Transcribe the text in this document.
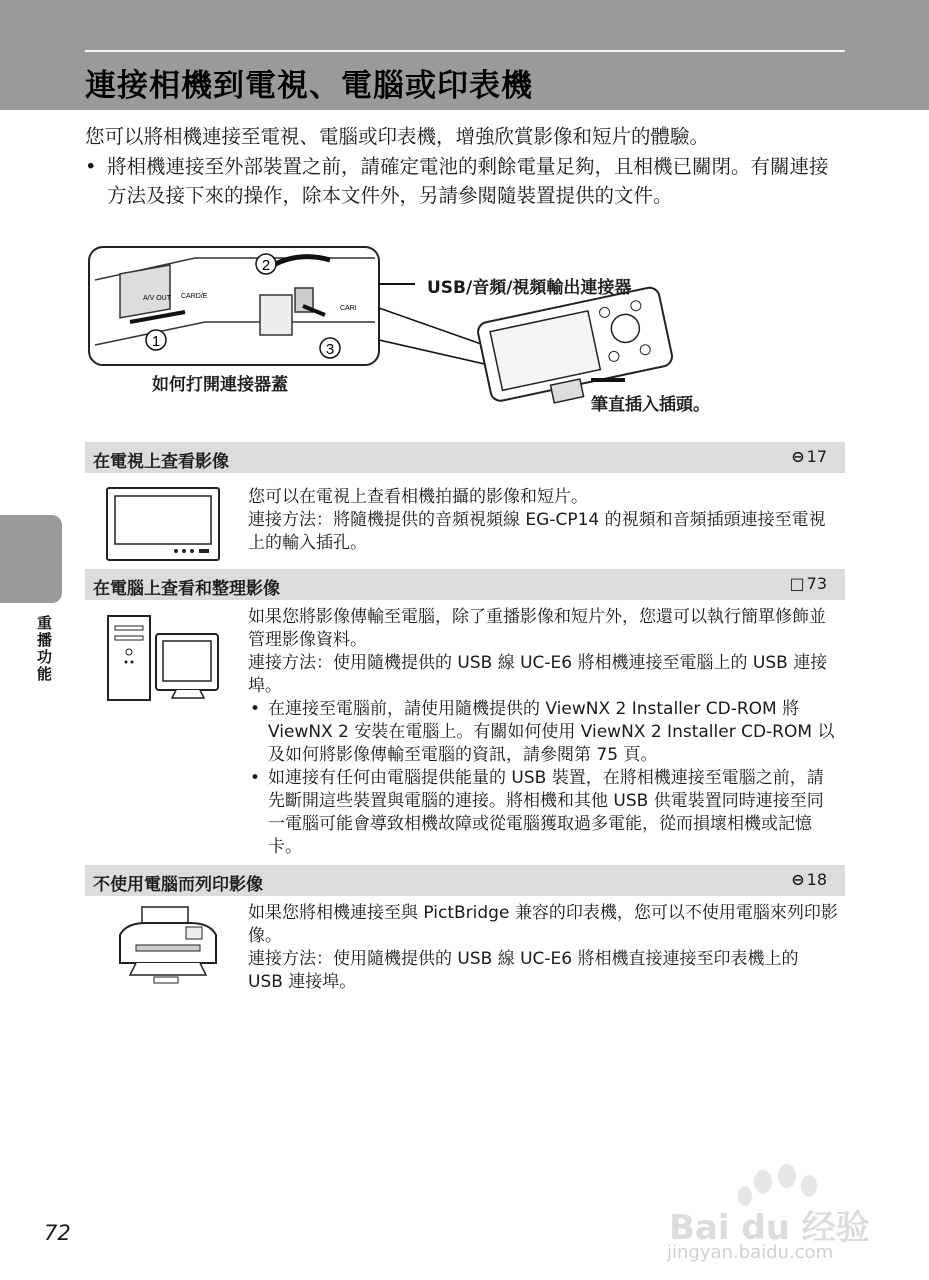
連接相機到電視、電腦或印表機
您可以將相機連接至電視、電腦或印表機，增強欣賞影像和短片的體驗。
• 將相機連接至外部裝置之前，請確定電池的剩餘電量足夠，且相機已關閉。有關連接方法及接下來的操作，除本文件外，另請參閱隨裝置提供的文件。
1
2
3
A/V OUT CARD/E
CARI
USB/音頻/視頻輸出連接器
如何打開連接器蓋
筆直插入插頭。
重播功能
在電視上查看影像	⊖ 17

您可以在電視上查看相機拍攝的影像和短片。

連接方法：將隨機提供的音頻視頻線 EG-CP14 的視頻和音頻插頭連接至電視上的輸入插孔。

在電腦上查看和整理影像	□ 73

如果您將影像傳輸至電腦，除了重播影像和短片外，您還可以執行簡單修飾並管理影像資料。

連接方法：使用隨機提供的 USB 線 UC-E6 將相機連接至電腦上的 USB 連接埠。

• 在連接至電腦前，請使用隨機提供的 ViewNX 2 Installer CD-ROM 將 ViewNX 2 安裝在電腦上。有關如何使用 ViewNX 2 Installer CD-ROM 以及如何將影像傳輸至電腦的資訊，請參閱第 75 頁。

• 如連接有任何由電腦提供能量的 USB 裝置，在將相機連接至電腦之前，請先斷開這些裝置與電腦的連接。將相機和其他 USB 供電裝置同時連接至同一電腦可能會導致相機故障或從電腦獲取過多電能，從而損壞相機或記憶卡。

不使用電腦而列印影像	⊖ 18

如果您將相機連接至與 PictBridge 兼容的印表機，您可以不使用電腦來列印影像。

連接方法：使用隨機提供的 USB 線 UC-E6 將相機直接連接至印表機上的 USB 連接埠。

72	Bai du 经验
jingyan.baidu.com
